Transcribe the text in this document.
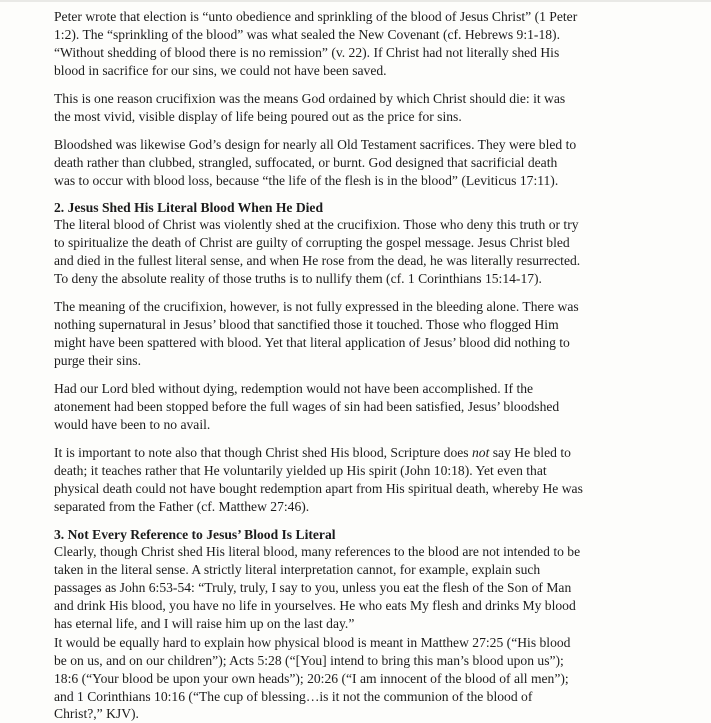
Peter wrote that election is “unto obedience and sprinkling of the blood of Jesus Christ” (1 Peter
1:2). The “sprinkling of the blood” was what sealed the New Covenant (cf. Hebrews 9:1-18).
“Without shedding of blood there is no remission” (v. 22). If Christ had not literally shed His
blood in sacrifice for our sins, we could not have been saved.
This is one reason crucifixion was the means God ordained by which Christ should die: it was
the most vivid, visible display of life being poured out as the price for sins.
Bloodshed was likewise God’s design for nearly all Old Testament sacrifices. They were bled to
death rather than clubbed, strangled, suffocated, or burnt. God designed that sacrificial death
was to occur with blood loss, because “the life of the flesh is in the blood” (Leviticus 17:11).
2. Jesus Shed His Literal Blood When He Died
The literal blood of Christ was violently shed at the crucifixion. Those who deny this truth or try
to spiritualize the death of Christ are guilty of corrupting the gospel message. Jesus Christ bled
and died in the fullest literal sense, and when He rose from the dead, he was literally resurrected.
To deny the absolute reality of those truths is to nullify them (cf. 1 Corinthians 15:14-17).
The meaning of the crucifixion, however, is not fully expressed in the bleeding alone. There was
nothing supernatural in Jesus’ blood that sanctified those it touched. Those who flogged Him
might have been spattered with blood. Yet that literal application of Jesus’ blood did nothing to
purge their sins.
Had our Lord bled without dying, redemption would not have been accomplished. If the
atonement had been stopped before the full wages of sin had been satisfied, Jesus’ bloodshed
would have been to no avail.
It is important to note also that though Christ shed His blood, Scripture does not say He bled to
death; it teaches rather that He voluntarily yielded up His spirit (John 10:18). Yet even that
physical death could not have bought redemption apart from His spiritual death, whereby He was
separated from the Father (cf. Matthew 27:46).
3. Not Every Reference to Jesus’ Blood Is Literal
Clearly, though Christ shed His literal blood, many references to the blood are not intended to be
taken in the literal sense. A strictly literal interpretation cannot, for example, explain such
passages as John 6:53-54: “Truly, truly, I say to you, unless you eat the flesh of the Son of Man
and drink His blood, you have no life in yourselves. He who eats My flesh and drinks My blood
has eternal life, and I will raise him up on the last day.”
It would be equally hard to explain how physical blood is meant in Matthew 27:25 (“His blood
be on us, and on our children”); Acts 5:28 (“[You] intend to bring this man’s blood upon us”);
18:6 (“Your blood be upon your own heads”); 20:26 (“I am innocent of the blood of all men”);
and 1 Corinthians 10:16 (“The cup of blessing…is it not the communion of the blood of
Christ?,” KJV).
